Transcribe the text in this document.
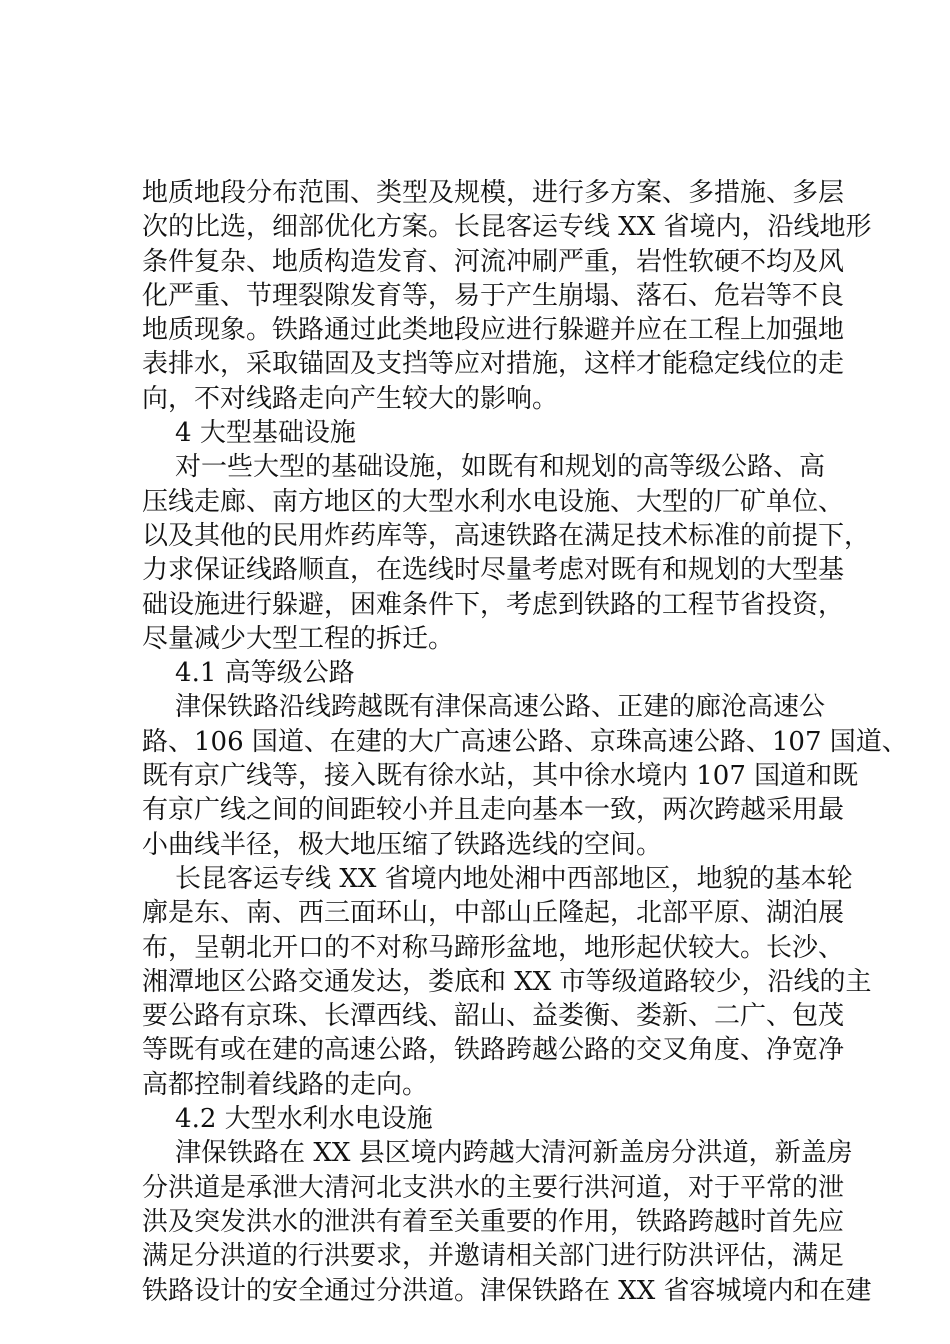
地质地段分布范围、类型及规模，进行多方案、多措施、多层
次的比选，细部优化方案。长昆客运专线 XX 省境内，沿线地形
条件复杂、地质构造发育、河流冲刷严重，岩性软硬不均及风
化严重、节理裂隙发育等，易于产生崩塌、落石、危岩等不良
地质现象。铁路通过此类地段应进行躲避并应在工程上加强地
表排水，采取锚固及支挡等应对措施，这样才能稳定线位的走
向，不对线路走向产生较大的影响。
4 大型基础设施
对一些大型的基础设施，如既有和规划的高等级公路、高
压线走廊、南方地区的大型水利水电设施、大型的厂矿单位、
以及其他的民用炸药库等，高速铁路在满足技术标准的前提下，
力求保证线路顺直，在选线时尽量考虑对既有和规划的大型基
础设施进行躲避，困难条件下，考虑到铁路的工程节省投资，
尽量减少大型工程的拆迁。
4.1 高等级公路
津保铁路沿线跨越既有津保高速公路、正建的廊沧高速公
路、106 国道、在建的大广高速公路、京珠高速公路、107 国道、
既有京广线等，接入既有徐水站，其中徐水境内 107 国道和既
有京广线之间的间距较小并且走向基本一致，两次跨越采用最
小曲线半径，极大地压缩了铁路选线的空间。
长昆客运专线 XX 省境内地处湘中西部地区，地貌的基本轮
廓是东、南、西三面环山，中部山丘隆起，北部平原、湖泊展
布，呈朝北开口的不对称马蹄形盆地，地形起伏较大。长沙、
湘潭地区公路交通发达，娄底和 XX 市等级道路较少，沿线的主
要公路有京珠、长潭西线、韶山、益娄衡、娄新、二广、包茂
等既有或在建的高速公路，铁路跨越公路的交叉角度、净宽净
高都控制着线路的走向。
4.2 大型水利水电设施
津保铁路在 XX 县区境内跨越大清河新盖房分洪道，新盖房
分洪道是承泄大清河北支洪水的主要行洪河道，对于平常的泄
洪及突发洪水的泄洪有着至关重要的作用，铁路跨越时首先应
满足分洪道的行洪要求，并邀请相关部门进行防洪评估，满足
铁路设计的安全通过分洪道。津保铁路在 XX 省容城境内和在建
